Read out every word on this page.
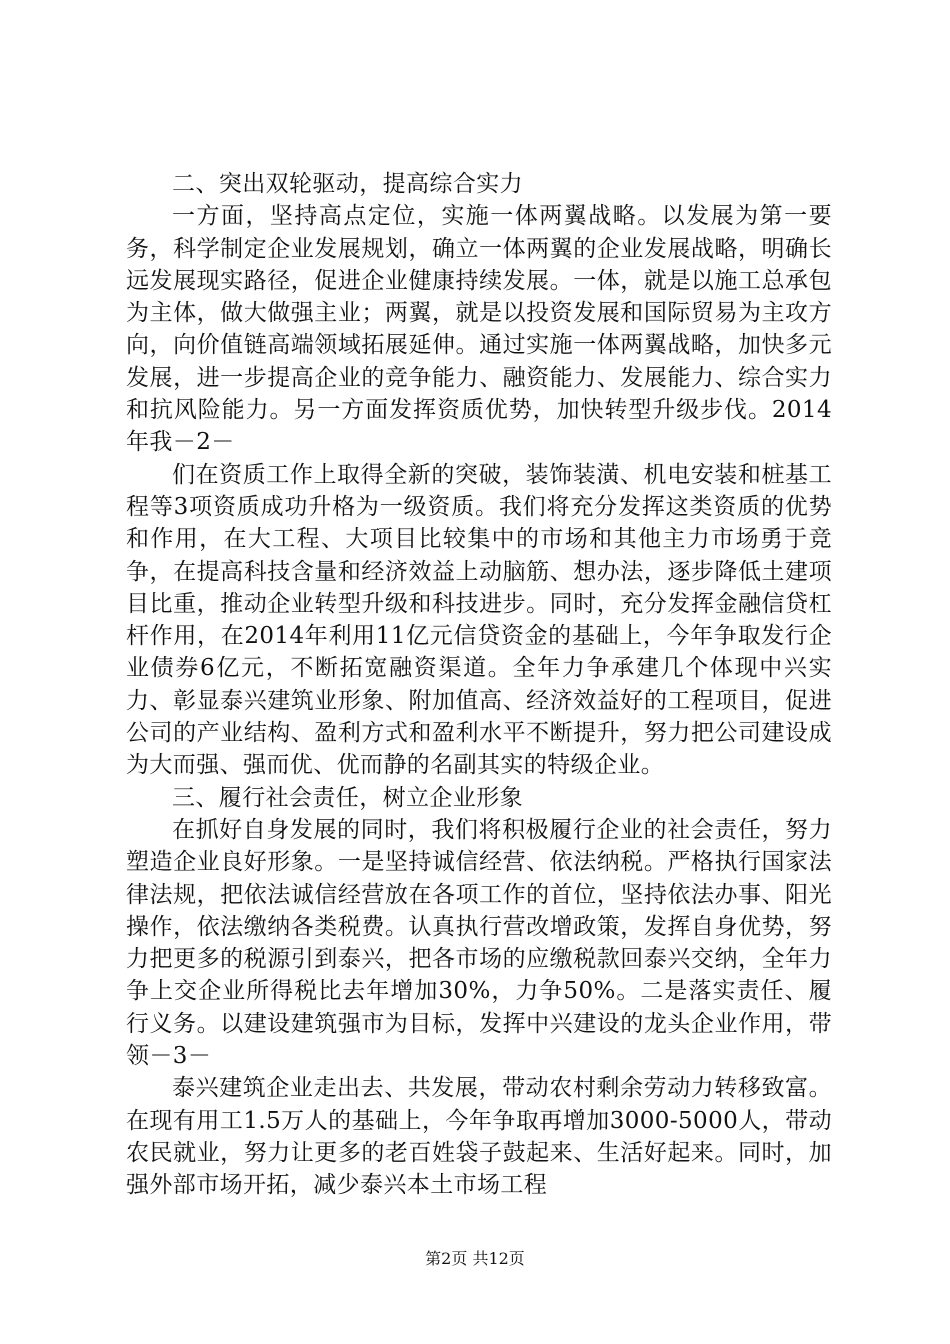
二、突出双轮驱动，提高综合实力

一方面，坚持高点定位，实施一体两翼战略。以发展为第一要务，科学制定企业发展规划，确立一体两翼的企业发展战略，明确长远发展现实路径，促进企业健康持续发展。一体，就是以施工总承包为主体，做大做强主业；两翼，就是以投资发展和国际贸易为主攻方向，向价值链高端领域拓展延伸。通过实施一体两翼战略，加快多元发展，进一步提高企业的竞争能力、融资能力、发展能力、综合实力和抗风险能力。另一方面发挥资质优势，加快转型升级步伐。2014年我－2－

们在资质工作上取得全新的突破，装饰装潢、机电安装和桩基工程等3项资质成功升格为一级资质。我们将充分发挥这类资质的优势和作用，在大工程、大项目比较集中的市场和其他主力市场勇于竞争，在提高科技含量和经济效益上动脑筋、想办法，逐步降低土建项目比重，推动企业转型升级和科技进步。同时，充分发挥金融信贷杠杆作用，在2014年利用11亿元信贷资金的基础上，今年争取发行企业债券6亿元，不断拓宽融资渠道。全年力争承建几个体现中兴实力、彰显泰兴建筑业形象、附加值高、经济效益好的工程项目，促进公司的产业结构、盈利方式和盈利水平不断提升，努力把公司建设成为大而强、强而优、优而静的名副其实的特级企业。

三、履行社会责任，树立企业形象

在抓好自身发展的同时，我们将积极履行企业的社会责任，努力塑造企业良好形象。一是坚持诚信经营、依法纳税。严格执行国家法律法规，把依法诚信经营放在各项工作的首位，坚持依法办事、阳光操作，依法缴纳各类税费。认真执行营改增政策，发挥自身优势，努力把更多的税源引到泰兴，把各市场的应缴税款回泰兴交纳，全年力争上交企业所得税比去年增加30%，力争50%。二是落实责任、履行义务。以建设建筑强市为目标，发挥中兴建设的龙头企业作用，带领－3－

泰兴建筑企业走出去、共发展，带动农村剩余劳动力转移致富。在现有用工1.5万人的基础上，今年争取再增加3000-5000人，带动农民就业，努力让更多的老百姓袋子鼓起来、生活好起来。同时，加强外部市场开拓，减少泰兴本土市场工程

第2页 共12页
